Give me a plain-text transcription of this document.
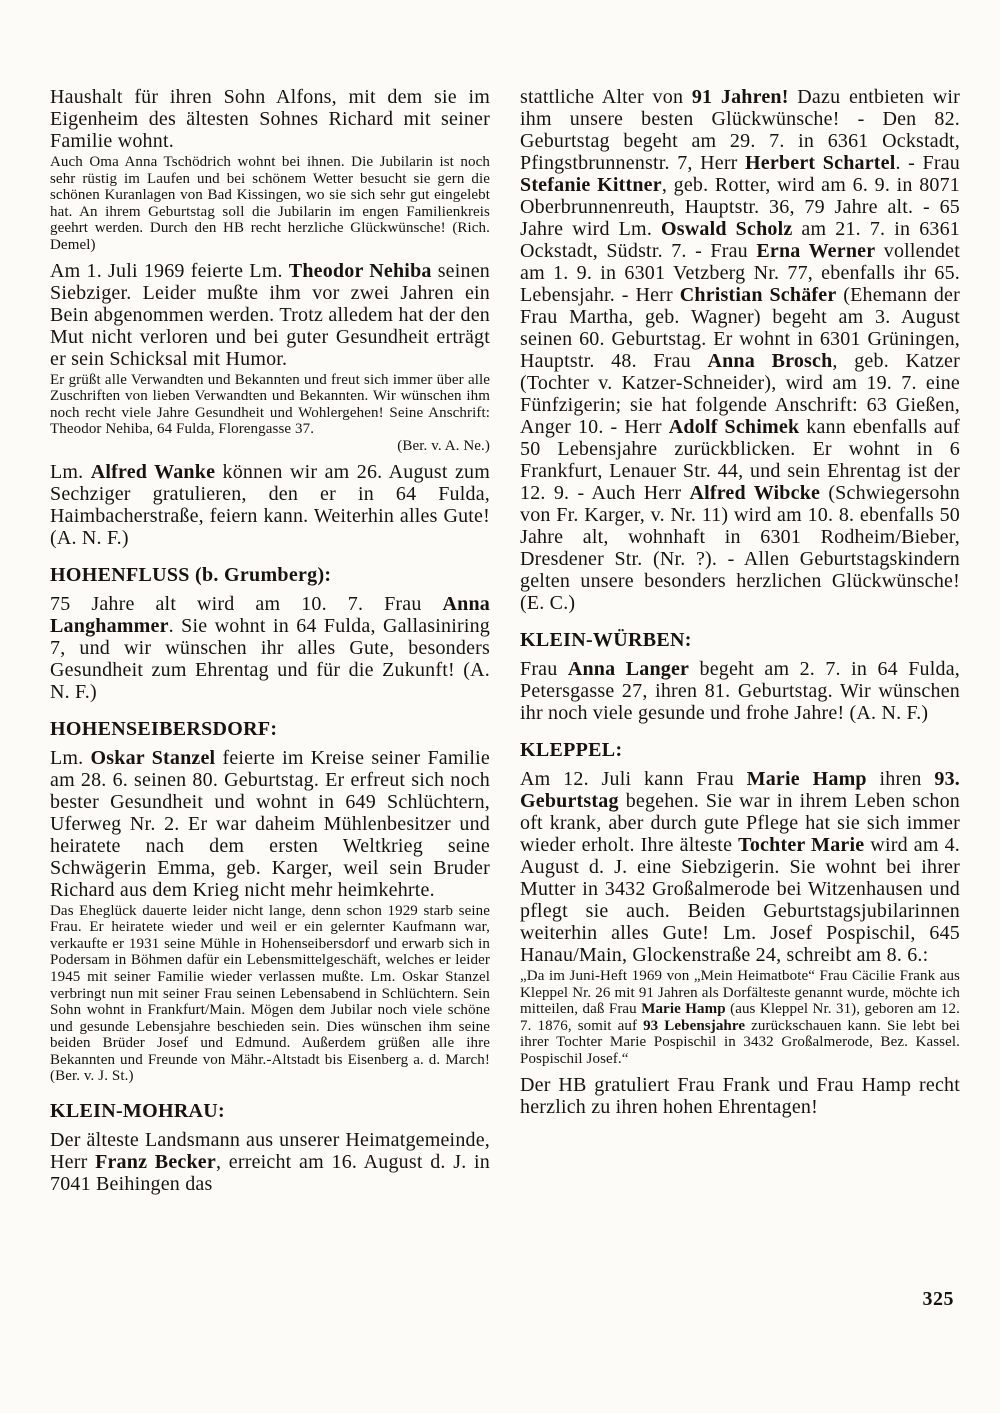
Haushalt für ihren Sohn Alfons, mit dem sie im Eigenheim des ältesten Sohnes Richard mit seiner Familie wohnt.

Auch Oma Anna Tschödrich wohnt bei ihnen. Die Jubilarin ist noch sehr rüstig im Laufen und bei schönem Wetter besucht sie gern die schönen Kuranlagen von Bad Kissingen, wo sie sich sehr gut eingelebt hat. An ihrem Geburtstag soll die Jubilarin im engen Familienkreis geehrt werden. Durch den HB recht herzliche Glückwünsche! (Rich. Demel)

Am 1. Juli 1969 feierte Lm. Theodor Nehiba seinen Siebziger. Leider mußte ihm vor zwei Jahren ein Bein abgenommen werden. Trotz alledem hat der den Mut nicht verloren und bei guter Gesundheit erträgt er sein Schicksal mit Humor.

Er grüßt alle Verwandten und Bekannten und freut sich immer über alle Zuschriften von lieben Verwandten und Bekannten. Wir wünschen ihm noch recht viele Jahre Gesundheit und Wohlergehen! Seine Anschrift: Theodor Nehiba, 64 Fulda, Florengasse 37.
(Ber. v. A. Ne.)

Lm. Alfred Wanke können wir am 26. August zum Sechziger gratulieren, den er in 64 Fulda, Haimbacherstraße, feiern kann. Weiterhin alles Gute! (A. N. F.)

HOHENFLUSS (b. Grumberg):

75 Jahre alt wird am 10. 7. Frau Anna Langhammer. Sie wohnt in 64 Fulda, Gallasiniring 7, und wir wünschen ihr alles Gute, besonders Gesundheit zum Ehrentag und für die Zukunft! (A. N. F.)

HOHENSEIBERSDORF:

Lm. Oskar Stanzel feierte im Kreise seiner Familie am 28. 6. seinen 80. Geburtstag. Er erfreut sich noch bester Gesundheit und wohnt in 649 Schlüchtern, Uferweg Nr. 2. Er war daheim Mühlenbesitzer und heiratete nach dem ersten Weltkrieg seine Schwägerin Emma, geb. Karger, weil sein Bruder Richard aus dem Krieg nicht mehr heimkehrte.

Das Eheglück dauerte leider nicht lange, denn schon 1929 starb seine Frau. Er heiratete wieder und weil er ein gelernter Kaufmann war, verkaufte er 1931 seine Mühle in Hohenseibersdorf und erwarb sich in Podersam in Böhmen dafür ein Lebensmittelgeschäft, welches er leider 1945 mit seiner Familie wieder verlassen mußte. Lm. Oskar Stanzel verbringt nun mit seiner Frau seinen Lebensabend in Schlüchtern. Sein Sohn wohnt in Frankfurt/Main. Mögen dem Jubilar noch viele schöne und gesunde Lebensjahre beschieden sein. Dies wünschen ihm seine beiden Brüder Josef und Edmund. Außerdem grüßen alle ihre Bekannten und Freunde von Mähr.-Altstadt bis Eisenberg a. d. March! (Ber. v. J. St.)

KLEIN-MOHRAU:

Der älteste Landsmann aus unserer Heimatgemeinde, Herr Franz Becker, erreicht am 16. August d. J. in 7041 Beihingen das

stattliche Alter von 91 Jahren! Dazu entbieten wir ihm unsere besten Glückwünsche! - Den 82. Geburtstag begeht am 29. 7. in 6361 Ockstadt, Pfingstbrunnenstr. 7, Herr Herbert Schartel. - Frau Stefanie Kittner, geb. Rotter, wird am 6. 9. in 8071 Oberbrunnenreuth, Hauptstr. 36, 79 Jahre alt. - 65 Jahre wird Lm. Oswald Scholz am 21. 7. in 6361 Ockstadt, Südstr. 7. - Frau Erna Werner vollendet am 1. 9. in 6301 Vetzberg Nr. 77, ebenfalls ihr 65. Lebensjahr. - Herr Christian Schäfer (Ehemann der Frau Martha, geb. Wagner) begeht am 3. August seinen 60. Geburtstag. Er wohnt in 6301 Grüningen, Hauptstr. 48. Frau Anna Brosch, geb. Katzer (Tochter v. Katzer-Schneider), wird am 19. 7. eine Fünfzigerin; sie hat folgende Anschrift: 63 Gießen, Anger 10. - Herr Adolf Schimek kann ebenfalls auf 50 Lebensjahre zurückblicken. Er wohnt in 6 Frankfurt, Lenauer Str. 44, und sein Ehrentag ist der 12. 9. - Auch Herr Alfred Wibcke (Schwiegersohn von Fr. Karger, v. Nr. 11) wird am 10. 8. ebenfalls 50 Jahre alt, wohnhaft in 6301 Rodheim/Bieber, Dresdener Str. (Nr. ?). - Allen Geburtstagskindern gelten unsere besonders herzlichen Glückwünsche! (E. C.)

KLEIN-WÜRBEN:

Frau Anna Langer begeht am 2. 7. in 64 Fulda, Petersgasse 27, ihren 81. Geburtstag. Wir wünschen ihr noch viele gesunde und frohe Jahre! (A. N. F.)

KLEPPEL:

Am 12. Juli kann Frau Marie Hamp ihren 93. Geburtstag begehen. Sie war in ihrem Leben schon oft krank, aber durch gute Pflege hat sie sich immer wieder erholt. Ihre älteste Tochter Marie wird am 4. August d. J. eine Siebzigerin. Sie wohnt bei ihrer Mutter in 3432 Großalmerode bei Witzenhausen und pflegt sie auch. Beiden Geburtstagsjubilarinnen weiterhin alles Gute! Lm. Josef Pospischil, 645 Hanau/Main, Glockenstraße 24, schreibt am 8. 6.:

„Da im Juni-Heft 1969 von „Mein Heimatbote“ Frau Cäcilie Frank aus Kleppel Nr. 26 mit 91 Jahren als Dorfälteste genannt wurde, möchte ich mitteilen, daß Frau Marie Hamp (aus Kleppel Nr. 31), geboren am 12. 7. 1876, somit auf 93 Lebensjahre zurückschauen kann. Sie lebt bei ihrer Tochter Marie Pospischil in 3432 Großalmerode, Bez. Kassel. Pospischil Josef.“

Der HB gratuliert Frau Frank und Frau Hamp recht herzlich zu ihren hohen Ehrentagen!

325
